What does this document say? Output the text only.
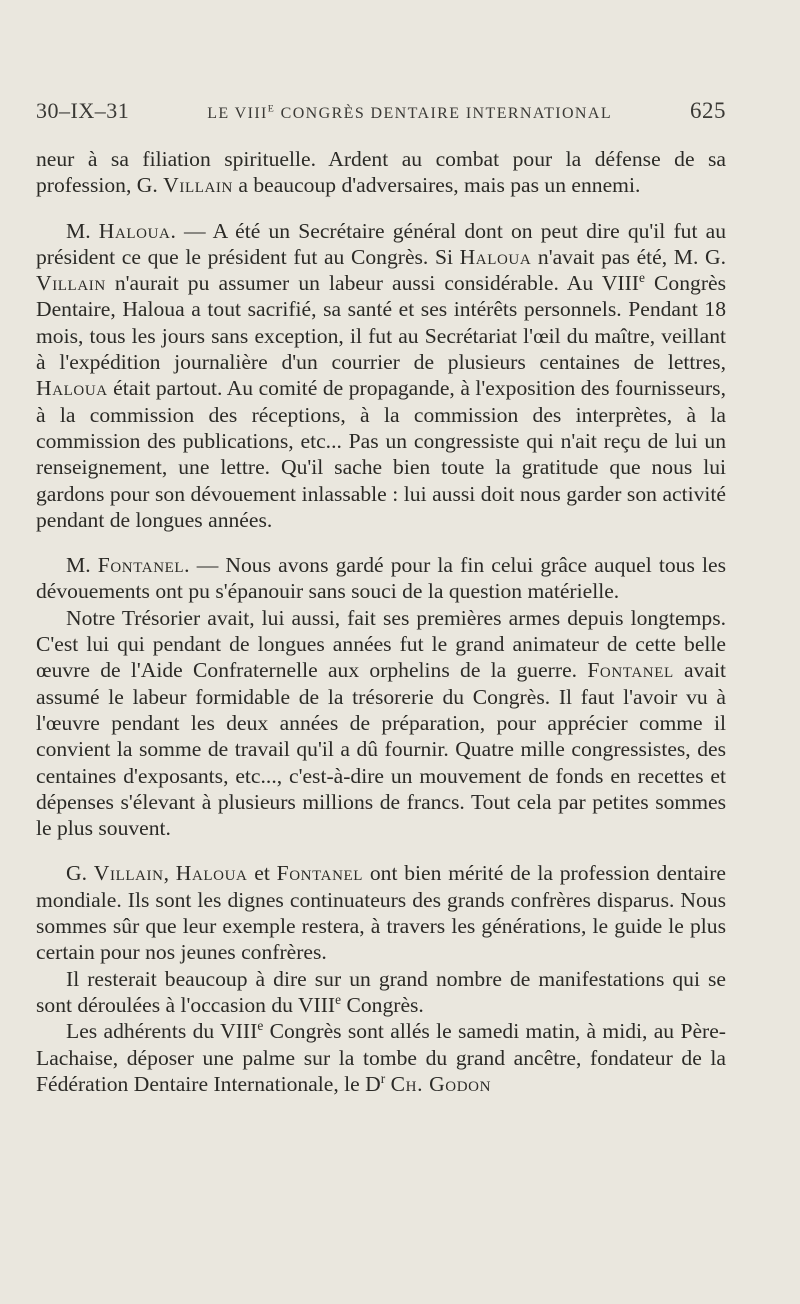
30–IX–31	LE $VIII^E$ CONGRÈS DENTAIRE INTERNATIONAL	625

neur à sa filiation spirituelle. Ardent au combat pour la défense de sa profession, G. Villain a beaucoup d'adversaires, mais pas un ennemi.

M. Haloua. — A été un Secrétaire général dont on peut dire qu'il fut au président ce que le président fut au Congrès. Si Haloua n'avait pas été, M. G. Villain n'aurait pu assumer un labeur aussi considérable. Au VIIIe Congrès Dentaire, Haloua a tout sacrifié, sa santé et ses intérêts personnels. Pendant 18 mois, tous les jours sans exception, il fut au Secrétariat l'œil du maître, veillant à l'expédition journalière d'un courrier de plusieurs centaines de lettres, Haloua était partout. Au comité de propagande, à l'exposition des fournisseurs, à la commission des réceptions, à la commission des interprètes, à la commission des publications, etc... Pas un congressiste qui n'ait reçu de lui un renseignement, une lettre. Qu'il sache bien toute la gratitude que nous lui gardons pour son dévouement inlassable : lui aussi doit nous garder son activité pendant de longues années.

M. Fontanel. — Nous avons gardé pour la fin celui grâce auquel tous les dévouements ont pu s'épanouir sans souci de la question matérielle.

Notre Trésorier avait, lui aussi, fait ses premières armes depuis longtemps. C'est lui qui pendant de longues années fut le grand animateur de cette belle œuvre de l'Aide Confraternelle aux orphelins de la guerre. Fontanel avait assumé le labeur formidable de la trésorerie du Congrès. Il faut l'avoir vu à l'œuvre pendant les deux années de préparation, pour apprécier comme il convient la somme de travail qu'il a dû fournir. Quatre mille congressistes, des centaines d'exposants, etc..., c'est-à-dire un mouvement de fonds en recettes et dépenses s'élevant à plusieurs millions de francs. Tout cela par petites sommes le plus souvent.

G. Villain, Haloua et Fontanel ont bien mérité de la profession dentaire mondiale. Ils sont les dignes continuateurs des grands confrères disparus. Nous sommes sûr que leur exemple restera, à travers les générations, le guide le plus certain pour nos jeunes confrères.

Il resterait beaucoup à dire sur un grand nombre de manifestations qui se sont déroulées à l'occasion du VIIIe Congrès.

Les adhérents du VIIIe Congrès sont allés le samedi matin, à midi, au Père-Lachaise, déposer une palme sur la tombe du grand ancêtre, fondateur de la Fédération Dentaire Internationale, le $D^r$ Ch. Godon
